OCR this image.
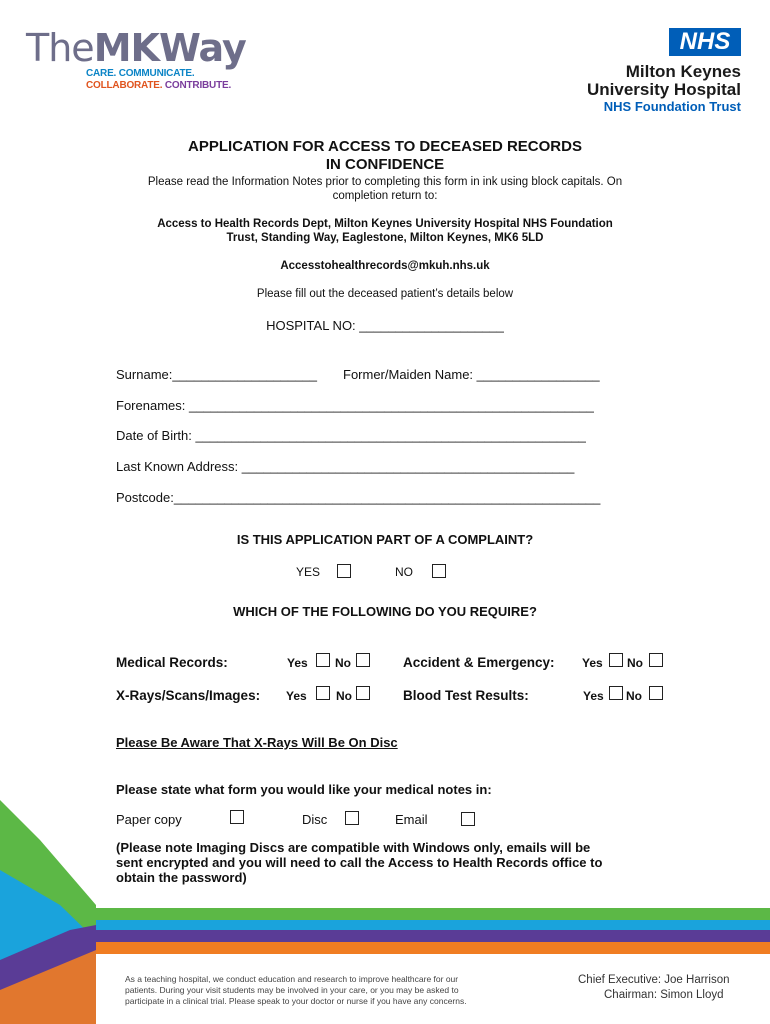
TheMKWay
CARE. COMMUNICATE.
COLLABORATE. CONTRIBUTE.
NHS
Milton Keynes
University Hospital
NHS Foundation Trust
APPLICATION FOR ACCESS TO DECEASED RECORDS
IN CONFIDENCE
Please read the Information Notes prior to completing this form in ink using block capitals. On
completion return to:
Access to Health Records Dept, Milton Keynes University Hospital NHS Foundation
Trust, Standing Way, Eaglestone, Milton Keynes, MK6 5LD
Accesstohealthrecords@mkuh.nhs.uk
Please fill out the deceased patient’s details below
HOSPITAL NO: ____________________
Surname:____________________ Former/Maiden Name: _________________
Forenames: ________________________________________________________
Date of Birth: ______________________________________________________
Last Known Address: ______________________________________________
Postcode:___________________________________________________________
IS THIS APPLICATION PART OF A COMPLAINT?
YES	NO
WHICH OF THE FOLLOWING DO YOU REQUIRE?
Medical Records:	Yes No	Accident & Emergency: Yes No
X-Rays/Scans/Images: Yes No	Blood Test Results:	Yes No
Please Be Aware That X-Rays Will Be On Disc
Please state what form you would like your medical notes in:
Paper copy	Disc	Email
(Please note Imaging Discs are compatible with Windows only, emails will be
sent encrypted and you will need to call the Access to Health Records office to
obtain the password)
As a teaching hospital, we conduct education and research to improve healthcare for our
patients. During your visit students may be involved in your care, or you may be asked to
participate in a clinical trial. Please speak to your doctor or nurse if you have any concerns.
Chief Executive: Joe Harrison
Chairman: Simon Lloyd
